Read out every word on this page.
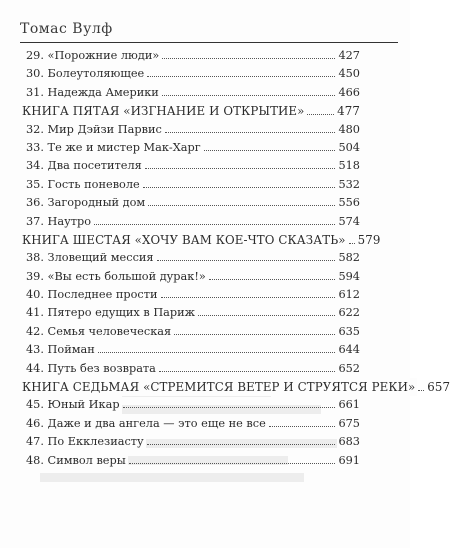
Томас Вулф
29. «Порожние люди»	427
30. Болеутоляющее	450
31. Надежда Америки	466
КНИГА ПЯТАЯ «ИЗГНАНИЕ И ОТКРЫТИЕ»	477
32. Мир Дэйзи Парвис	480
33. Те же и мистер Мак-Харг	504
34. Два посетителя	518
35. Гость поневоле	532
36. Загородный дом	556
37. Наутро	574
КНИГА ШЕСТАЯ «ХОЧУ ВАМ КОЕ-ЧТО СКАЗАТЬ» 579
38. Зловещий мессия	582
39. «Вы есть большой дурак!»	594
40. Последнее прости	612
41. Пятеро едущих в Париж	622
42. Семья человеческая	635
43. Пойман	644
44. Путь без возврата	652
КНИГА СЕДЬМАЯ «СТРЕМИТСЯ ВЕТЕР И СТРУЯТСЯ РЕКИ» 657
45. Юный Икар	661
46. Даже и два ангела — это еще не все	675
47. По Екклезиасту	683
48. Символ веры	691
